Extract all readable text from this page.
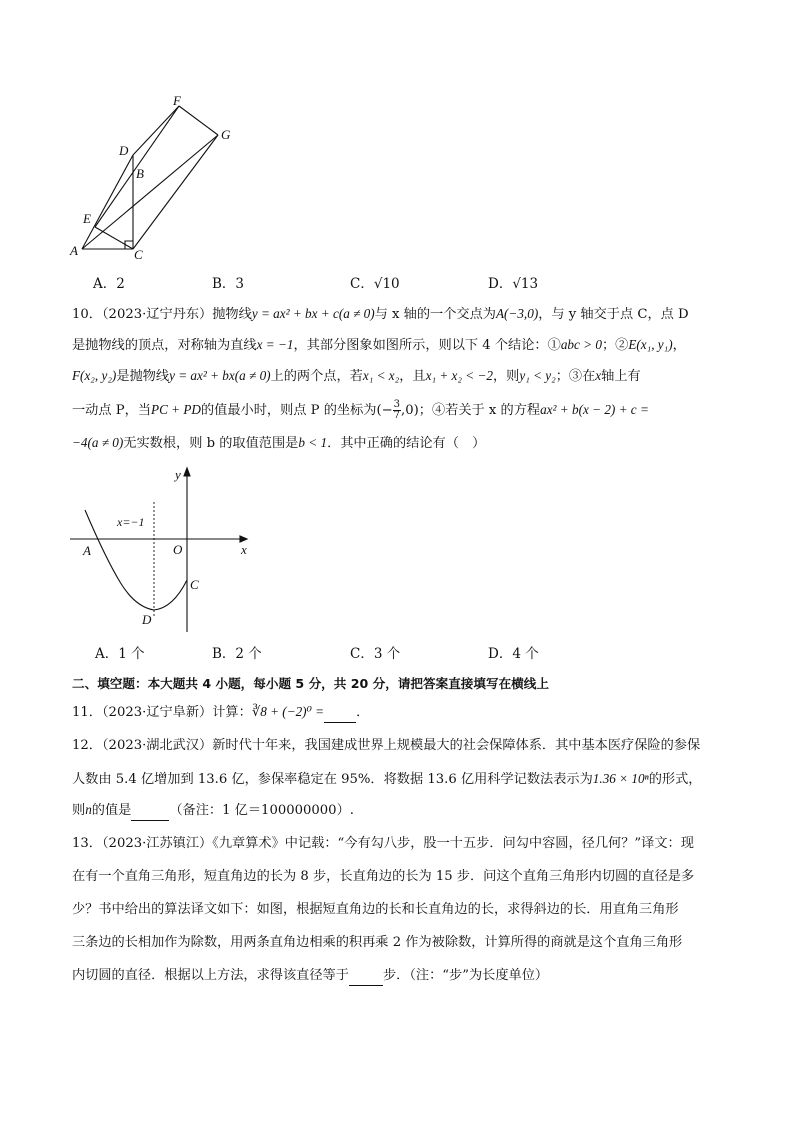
F
G
D
B
E
A	C
A．2	B．3	C．√10	D．√13
10．（2023·辽宁丹东）抛物线y = ax² + bx + c(a ≠ 0)与 x 轴的一个交点为A(−3,0)，与 y 轴交于点 C，点 D
是抛物线的顶点，对称轴为直线x = −1，其部分图象如图所示，则以下 4 个结论：①abc > 0；②E(x₁, y₁)，
F(x₂, y₂)是抛物线y = ax² + bx(a ≠ 0)上的两个点，若x₁ < x₂，且x₁ + x₂ < −2，则y₁ < y₂；③在x轴上有
一动点 P，当PC + PD的值最小时，则点 P 的坐标为(− $\frac{3}{7} ,0$)；④若关于 x 的方程ax² + b(x − 2) + c =
−4(a ≠ 0)无实数根，则 b 的取值范围是b < 1．其中正确的结论有（　）
y
x
x=−1
A	O
C
D
A．1 个	B．2 个	C．3 个	D．4 个
二、填空题：本大题共 4 小题，每小题 5 分，共 20 分，请把答案直接填写在横线上
11．（2023·辽宁阜新）计算：∛8 + (−2)⁰ = ．
12．（2023·湖北武汉）新时代十年来，我国建成世界上规模最大的社会保障体系．其中基本医疗保险的参保
人数由 5.4 亿增加到 13.6 亿，参保率稳定在 95%．将数据 13.6 亿用科学记数法表示为1.36 × 10ⁿ的形式，
则n的值是	（备注：1 亿＝100000000）.
13．（2023·江苏镇江）《九章算术》中记载：“今有勾八步，股一十五步．问勾中容圆，径几何？”译文：现
在有一个直角三角形，短直角边的长为 8 步，长直角边的长为 15 步．问这个直角三角形内切圆的直径是多
少？书中给出的算法译文如下：如图，根据短直角边的长和长直角边的长，求得斜边的长．用直角三角形
三条边的长相加作为除数，用两条直角边相乘的积再乘 2 作为被除数，计算所得的商就是这个直角三角形
内切圆的直径．根据以上方法，求得该直径等于	步．（注：“步”为长度单位）
